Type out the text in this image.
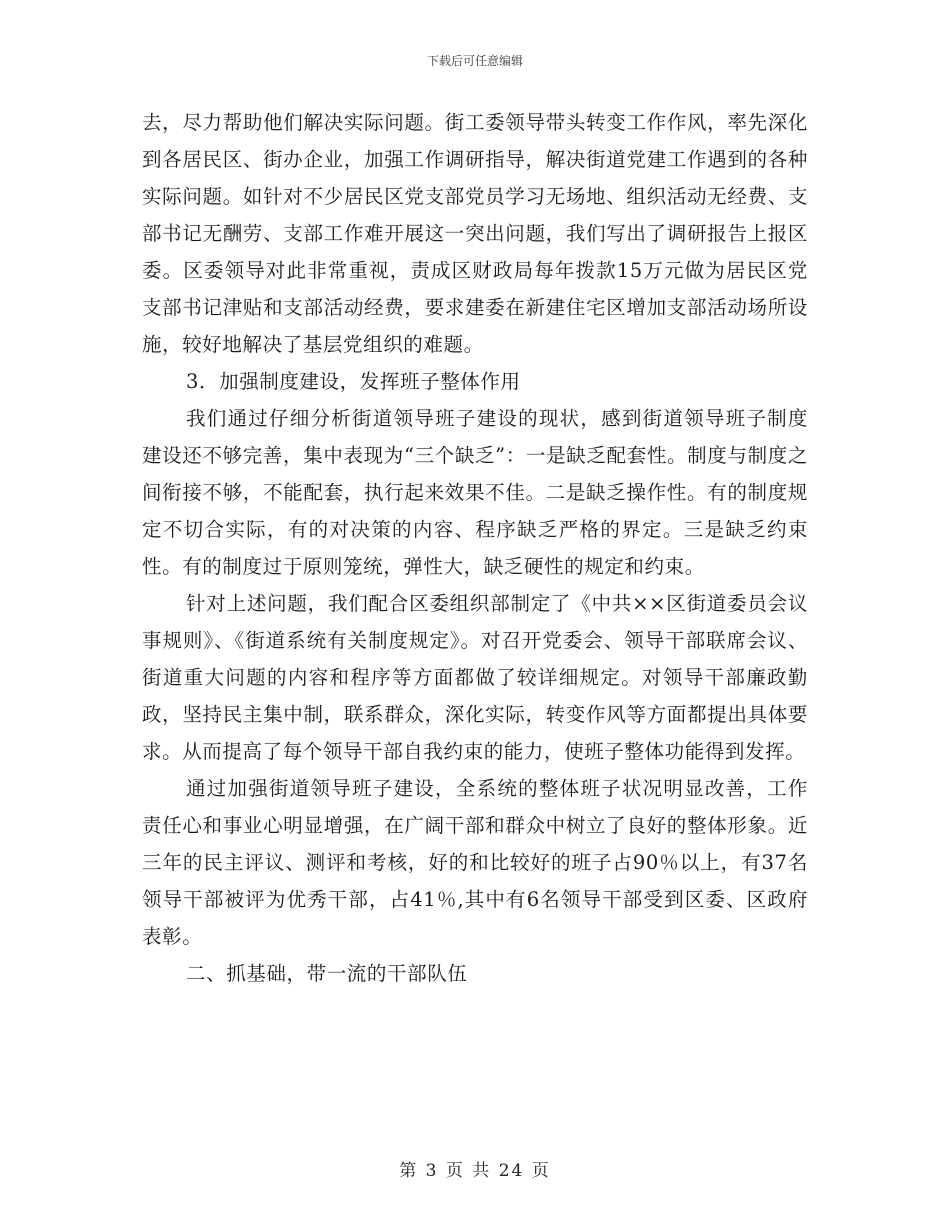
下载后可任意编辑

去，尽力帮助他们解决实际问题。街工委领导带头转变工作作风，率先深化到各居民区、街办企业，加强工作调研指导，解决街道党建工作遇到的各种实际问题。如针对不少居民区党支部党员学习无场地、组织活动无经费、支部书记无酬劳、支部工作难开展这一突出问题，我们写出了调研报告上报区委。区委领导对此非常重视，责成区财政局每年拨款15万元做为居民区党支部书记津贴和支部活动经费，要求建委在新建住宅区增加支部活动场所设施，较好地解决了基层党组织的难题。

3．加强制度建设，发挥班子整体作用

我们通过仔细分析街道领导班子建设的现状，感到街道领导班子制度建设还不够完善，集中表现为“三个缺乏”：一是缺乏配套性。制度与制度之间衔接不够，不能配套，执行起来效果不佳。二是缺乏操作性。有的制度规定不切合实际，有的对决策的内容、程序缺乏严格的界定。三是缺乏约束性。有的制度过于原则笼统，弹性大，缺乏硬性的规定和约束。

针对上述问题，我们配合区委组织部制定了《中共××区街道委员会议事规则》、《街道系统有关制度规定》。对召开党委会、领导干部联席会议、街道重大问题的内容和程序等方面都做了较详细规定。对领导干部廉政勤政，坚持民主集中制，联系群众，深化实际，转变作风等方面都提出具体要求。从而提高了每个领导干部自我约束的能力，使班子整体功能得到发挥。

通过加强街道领导班子建设，全系统的整体班子状况明显改善，工作责任心和事业心明显增强，在广阔干部和群众中树立了良好的整体形象。近三年的民主评议、测评和考核，好的和比较好的班子占90％以上，有37名领导干部被评为优秀干部，占41％,其中有6名领导干部受到区委、区政府表彰。

二、抓基础，带一流的干部队伍

第 3 页 共 24 页
